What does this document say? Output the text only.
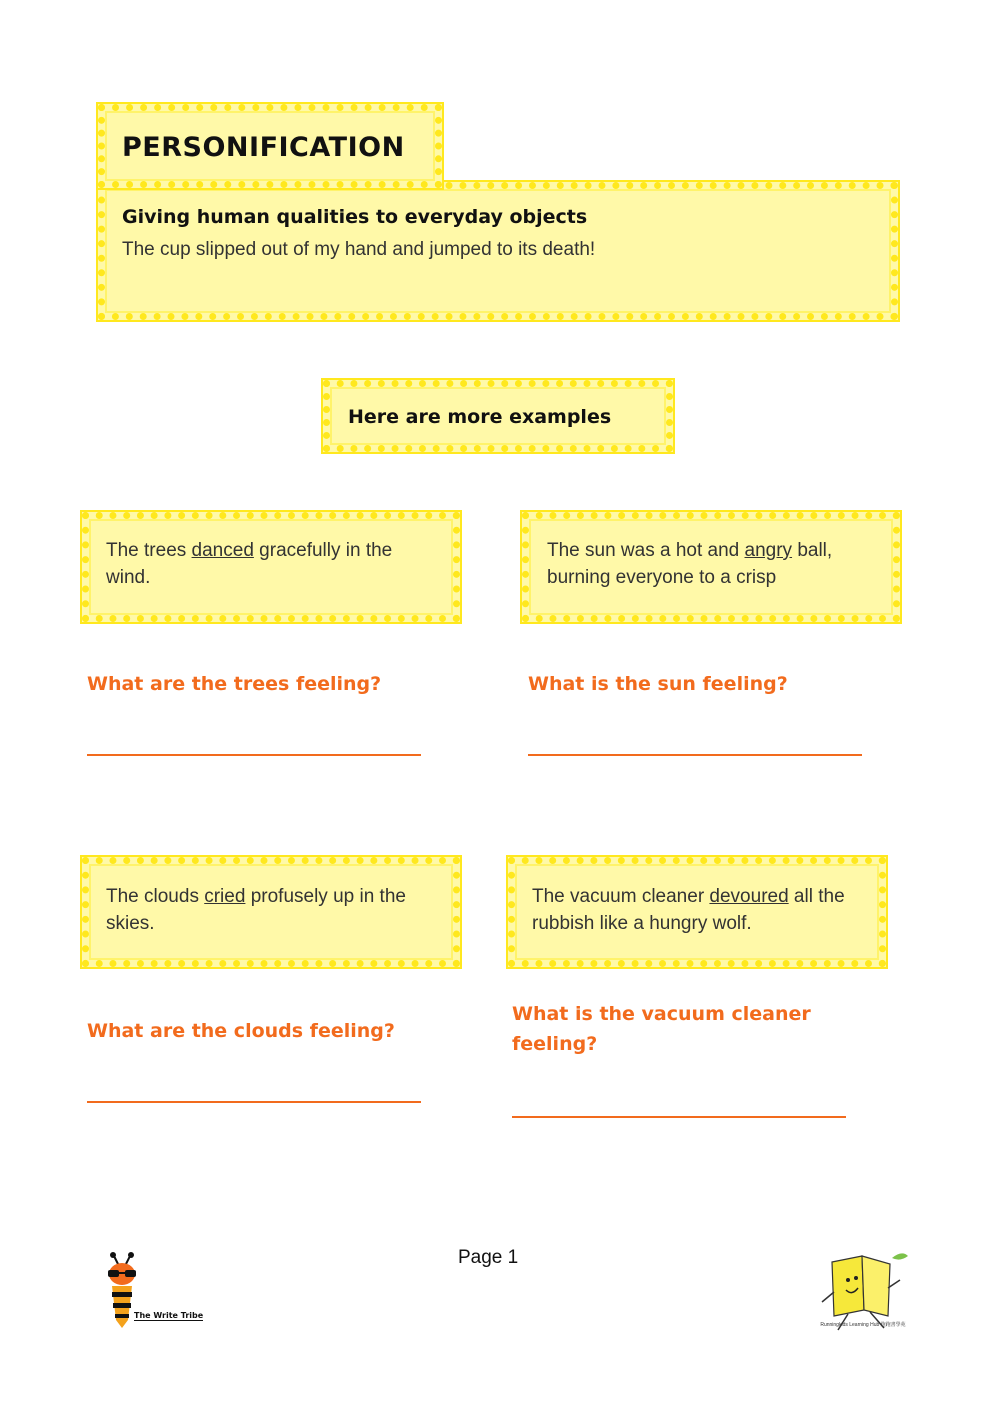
PERSONIFICATION
Giving human qualities to everyday objects
The cup slipped out of my hand and jumped to its death!
Here are more examples
The trees danced gracefully in the wind.
What are the trees feeling?
The sun was a hot and angry ball, burning everyone to a crisp
What is the sun feeling?
The clouds cried profusely up in the skies.
What are the clouds feeling?
The vacuum cleaner devoured all the rubbish like a hungry wolf.
What is the vacuum cleaner feeling?
Page 1
The Write Tribe
Runningkids Learning Hub 跑跑書學苑
